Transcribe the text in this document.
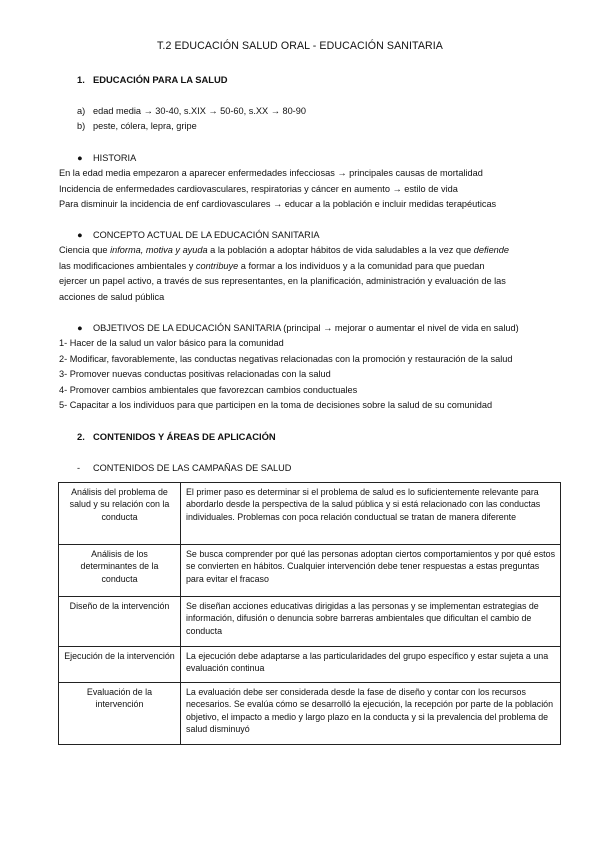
T.2 EDUCACIÓN SALUD ORAL - EDUCACIÓN SANITARIA
1. EDUCACIÓN PARA LA SALUD
a) edad media → 30-40, s.XIX → 50-60, s.XX → 80-90
b) peste, cólera, lepra, gripe
● HISTORIA
En la edad media empezaron a aparecer enfermedades infecciosas → principales causas de mortalidad
Incidencia de enfermedades cardiovasculares, respiratorias y cáncer en aumento → estilo de vida
Para disminuir la incidencia de enf cardiovasculares → educar a la población e incluir medidas terapéuticas
● CONCEPTO ACTUAL DE LA EDUCACIÓN SANITARIA
Ciencia que informa, motiva y ayuda a la población a adoptar hábitos de vida saludables a la vez que defiende
las modificaciones ambientales y contribuye a formar a los individuos y a la comunidad para que puedan
ejercer un papel activo, a través de sus representantes, en la planificación, administración y evaluación de las
acciones de salud pública
● OBJETIVOS DE LA EDUCACIÓN SANITARIA (principal → mejorar o aumentar el nivel de vida en salud)
1- Hacer de la salud un valor básico para la comunidad
2- Modificar, favorablemente, las conductas negativas relacionadas con la promoción y restauración de la salud
3- Promover nuevas conductas positivas relacionadas con la salud
4- Promover cambios ambientales que favorezcan cambios conductuales
5- Capacitar a los individuos para que participen en la toma de decisiones sobre la salud de su comunidad
2. CONTENIDOS Y ÁREAS DE APLICACIÓN
- CONTENIDOS DE LAS CAMPAÑAS DE SALUD
Análisis del problema de salud y su relación con la conducta	El primer paso es determinar si el problema de salud es lo suficientemente relevante para abordarlo desde la perspectiva de la salud pública y si está relacionado con las conductas individuales. Problemas con poca relación conductual se tratan de manera diferente
Análisis de los determinantes de la conducta	Se busca comprender por qué las personas adoptan ciertos comportamientos y por qué estos se convierten en hábitos. Cualquier intervención debe tener respuestas a estas preguntas para evitar el fracaso
Diseño de la intervención	Se diseñan acciones educativas dirigidas a las personas y se implementan estrategias de información, difusión o denuncia sobre barreras ambientales que dificultan el cambio de conducta
Ejecución de la intervención	La ejecución debe adaptarse a las particularidades del grupo específico y estar sujeta a una evaluación continua
Evaluación de la intervención	La evaluación debe ser considerada desde la fase de diseño y contar con los recursos necesarios. Se evalúa cómo se desarrolló la ejecución, la recepción por parte de la población objetivo, el impacto a medio y largo plazo en la conducta y si la prevalencia del problema de salud disminuyó
